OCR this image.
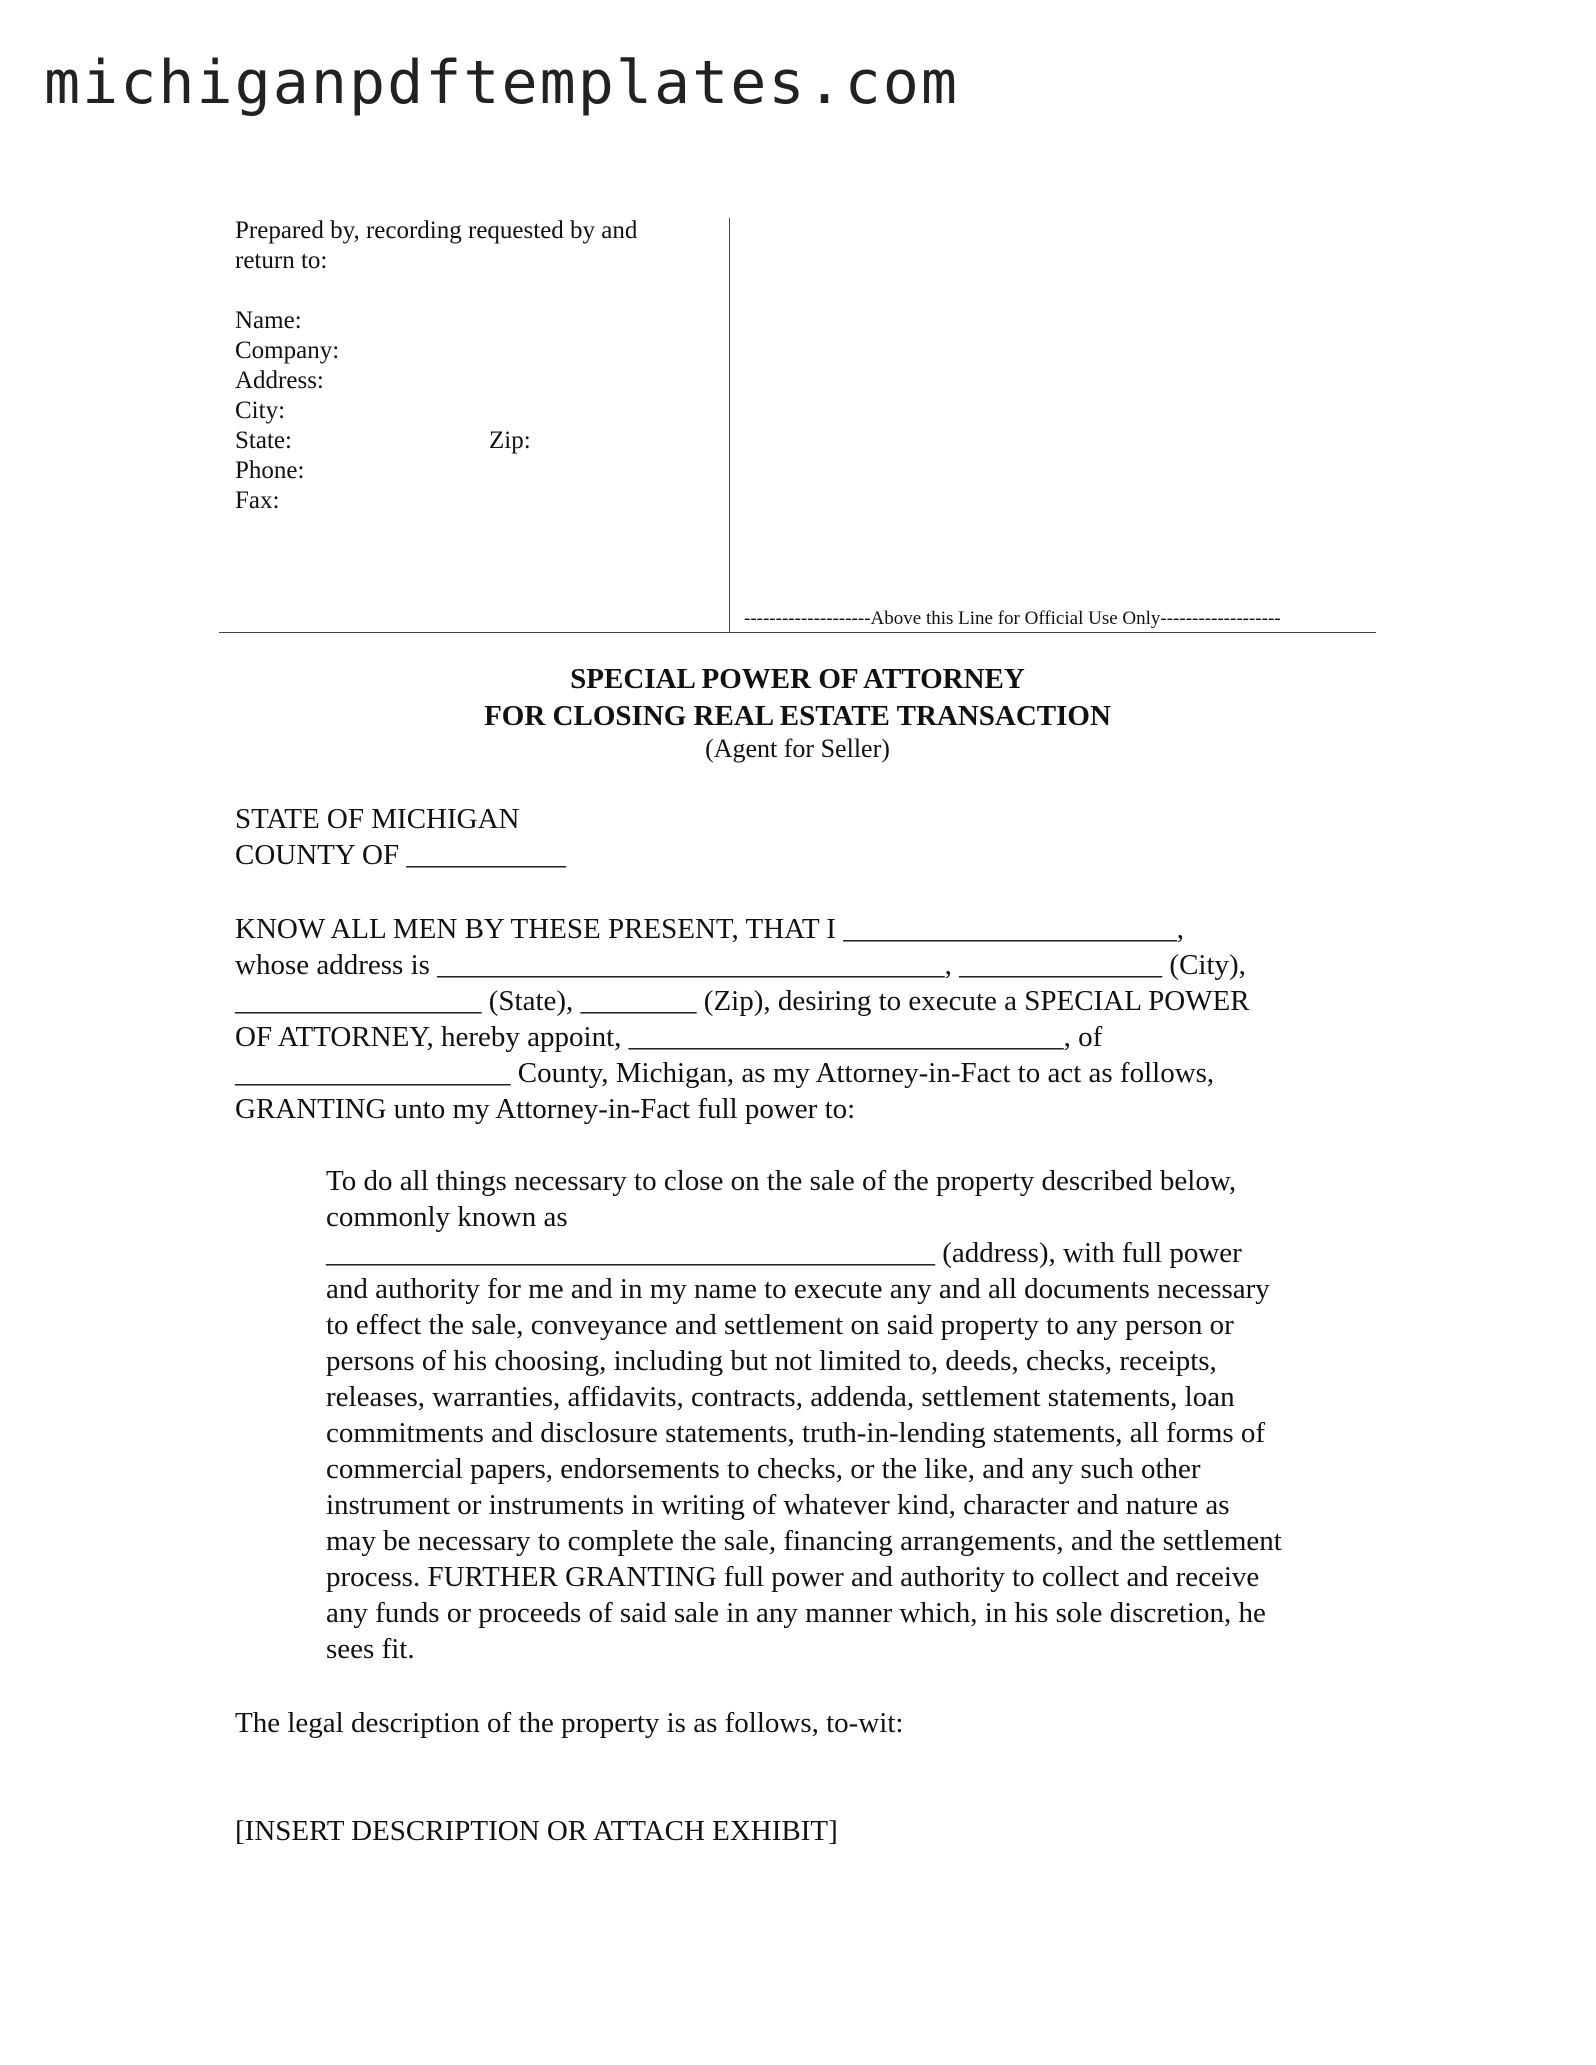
michiganpdftemplates.com
Prepared by, recording requested by and
return to:
Name:
Company:
Address:
City:
State:	Zip:
Phone:
Fax:
--------------------Above this Line for Official Use Only-------------------
SPECIAL POWER OF ATTORNEY
FOR CLOSING REAL ESTATE TRANSACTION
(Agent for Seller)
STATE OF MICHIGAN
COUNTY OF ___________
KNOW ALL MEN BY THESE PRESENT, THAT I _______________________,
whose address is ___________________________________, ______________ (City),
_________________ (State), ________ (Zip), desiring to execute a SPECIAL POWER
OF ATTORNEY, hereby appoint, ______________________________, of
___________________ County, Michigan, as my Attorney-in-Fact to act as follows,
GRANTING unto my Attorney-in-Fact full power to:
To do all things necessary to close on the sale of the property described below,
commonly known as
__________________________________________ (address), with full power
and authority for me and in my name to execute any and all documents necessary
to effect the sale, conveyance and settlement on said property to any person or
persons of his choosing, including but not limited to, deeds, checks, receipts,
releases, warranties, affidavits, contracts, addenda, settlement statements, loan
commitments and disclosure statements, truth-in-lending statements, all forms of
commercial papers, endorsements to checks, or the like, and any such other
instrument or instruments in writing of whatever kind, character and nature as
may be necessary to complete the sale, financing arrangements, and the settlement
process. FURTHER GRANTING full power and authority to collect and receive
any funds or proceeds of said sale in any manner which, in his sole discretion, he
sees fit.
The legal description of the property is as follows, to-wit:
[INSERT DESCRIPTION OR ATTACH EXHIBIT]
